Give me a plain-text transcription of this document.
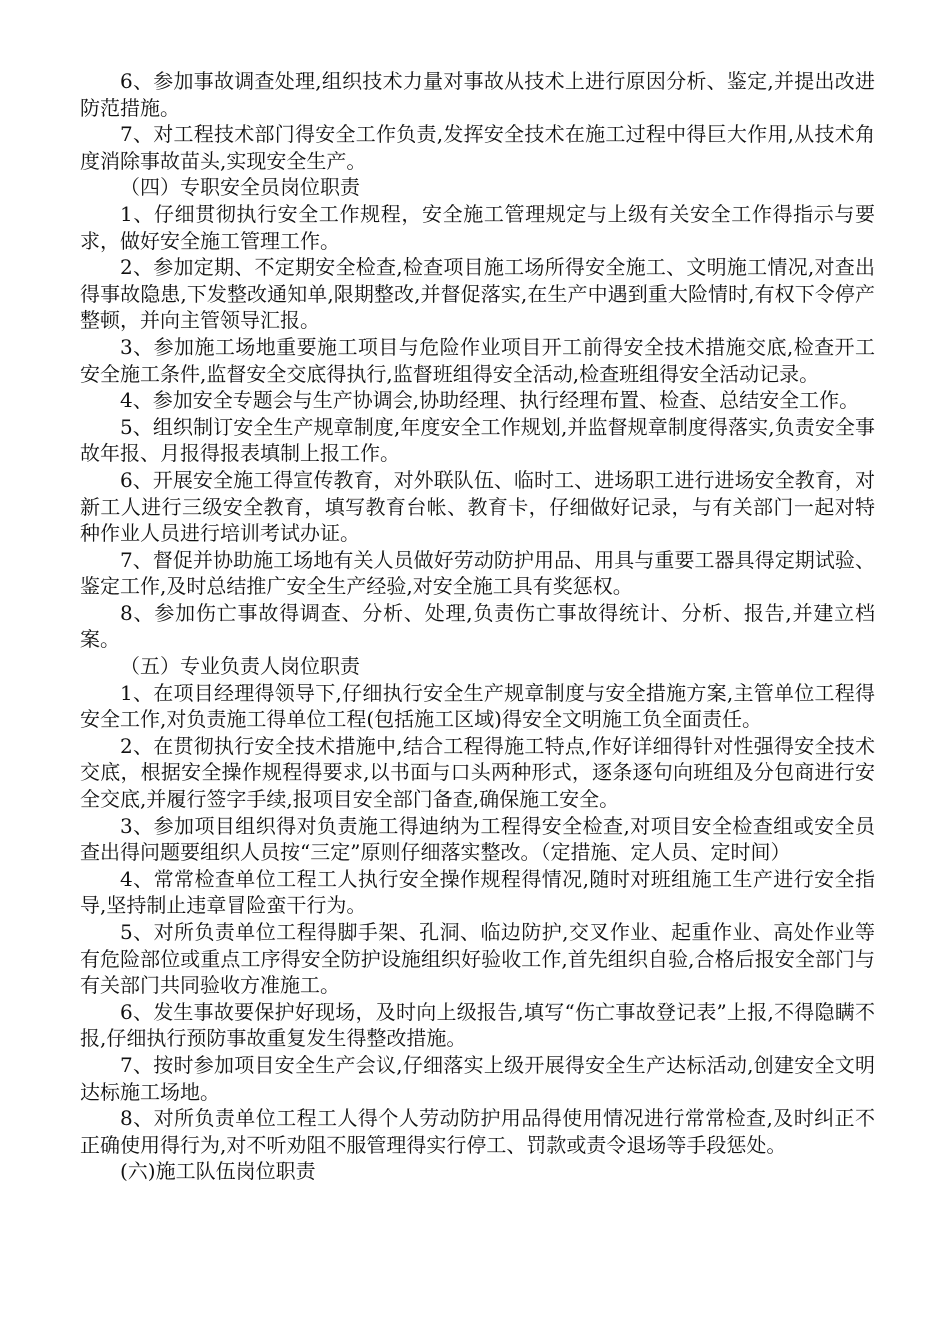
6、参加事故调查处理,组织技术力量对事故从技术上进行原因分析、鉴定,并提出改进防范措施。

7、对工程技术部门得安全工作负责,发挥安全技术在施工过程中得巨大作用,从技术角度消除事故苗头,实现安全生产。

（四）专职安全员岗位职责

1、仔细贯彻执行安全工作规程，安全施工管理规定与上级有关安全工作得指示与要求，做好安全施工管理工作。

2、参加定期、不定期安全检查,检查项目施工场所得安全施工、文明施工情况,对查出得事故隐患,下发整改通知单,限期整改,并督促落实,在生产中遇到重大险情时,有权下令停产整顿，并向主管领导汇报。

3、参加施工场地重要施工项目与危险作业项目开工前得安全技术措施交底,检查开工安全施工条件,监督安全交底得执行,监督班组得安全活动,检查班组得安全活动记录。

4、参加安全专题会与生产协调会,协助经理、执行经理布置、检查、总结安全工作。

5、组织制订安全生产规章制度,年度安全工作规划,并监督规章制度得落实,负责安全事故年报、月报得报表填制上报工作。

6、开展安全施工得宣传教育，对外联队伍、临时工、进场职工进行进场安全教育，对新工人进行三级安全教育，填写教育台帐、教育卡，仔细做好记录，与有关部门一起对特种作业人员进行培训考试办证。

7、督促并协助施工场地有关人员做好劳动防护用品、用具与重要工器具得定期试验、鉴定工作,及时总结推广安全生产经验,对安全施工具有奖惩权。

8、参加伤亡事故得调查、分析、处理,负责伤亡事故得统计、分析、报告,并建立档案。

（五）专业负责人岗位职责

1、在项目经理得领导下,仔细执行安全生产规章制度与安全措施方案,主管单位工程得安全工作,对负责施工得单位工程(包括施工区域)得安全文明施工负全面责任。

2、在贯彻执行安全技术措施中,结合工程得施工特点,作好详细得针对性强得安全技术交底，根据安全操作规程得要求,以书面与口头两种形式，逐条逐句向班组及分包商进行安全交底,并履行签字手续,报项目安全部门备查,确保施工安全。

3、参加项目组织得对负责施工得迪纳为工程得安全检查,对项目安全检查组或安全员查出得问题要组织人员按“三定”原则仔细落实整改。（定措施、定人员、定时间）

4、常常检查单位工程工人执行安全操作规程得情况,随时对班组施工生产进行安全指导,坚持制止违章冒险蛮干行为。

5、对所负责单位工程得脚手架、孔洞、临边防护,交叉作业、起重作业、高处作业等有危险部位或重点工序得安全防护设施组织好验收工作,首先组织自验,合格后报安全部门与有关部门共同验收方准施工。

6、发生事故要保护好现场，及时向上级报告,填写“伤亡事故登记表”上报,不得隐瞒不报,仔细执行预防事故重复发生得整改措施。

7、按时参加项目安全生产会议,仔细落实上级开展得安全生产达标活动,创建安全文明达标施工场地。

8、对所负责单位工程工人得个人劳动防护用品得使用情况进行常常检查,及时纠正不正确使用得行为,对不听劝阻不服管理得实行停工、罚款或责令退场等手段惩处。

(六)施工队伍岗位职责
